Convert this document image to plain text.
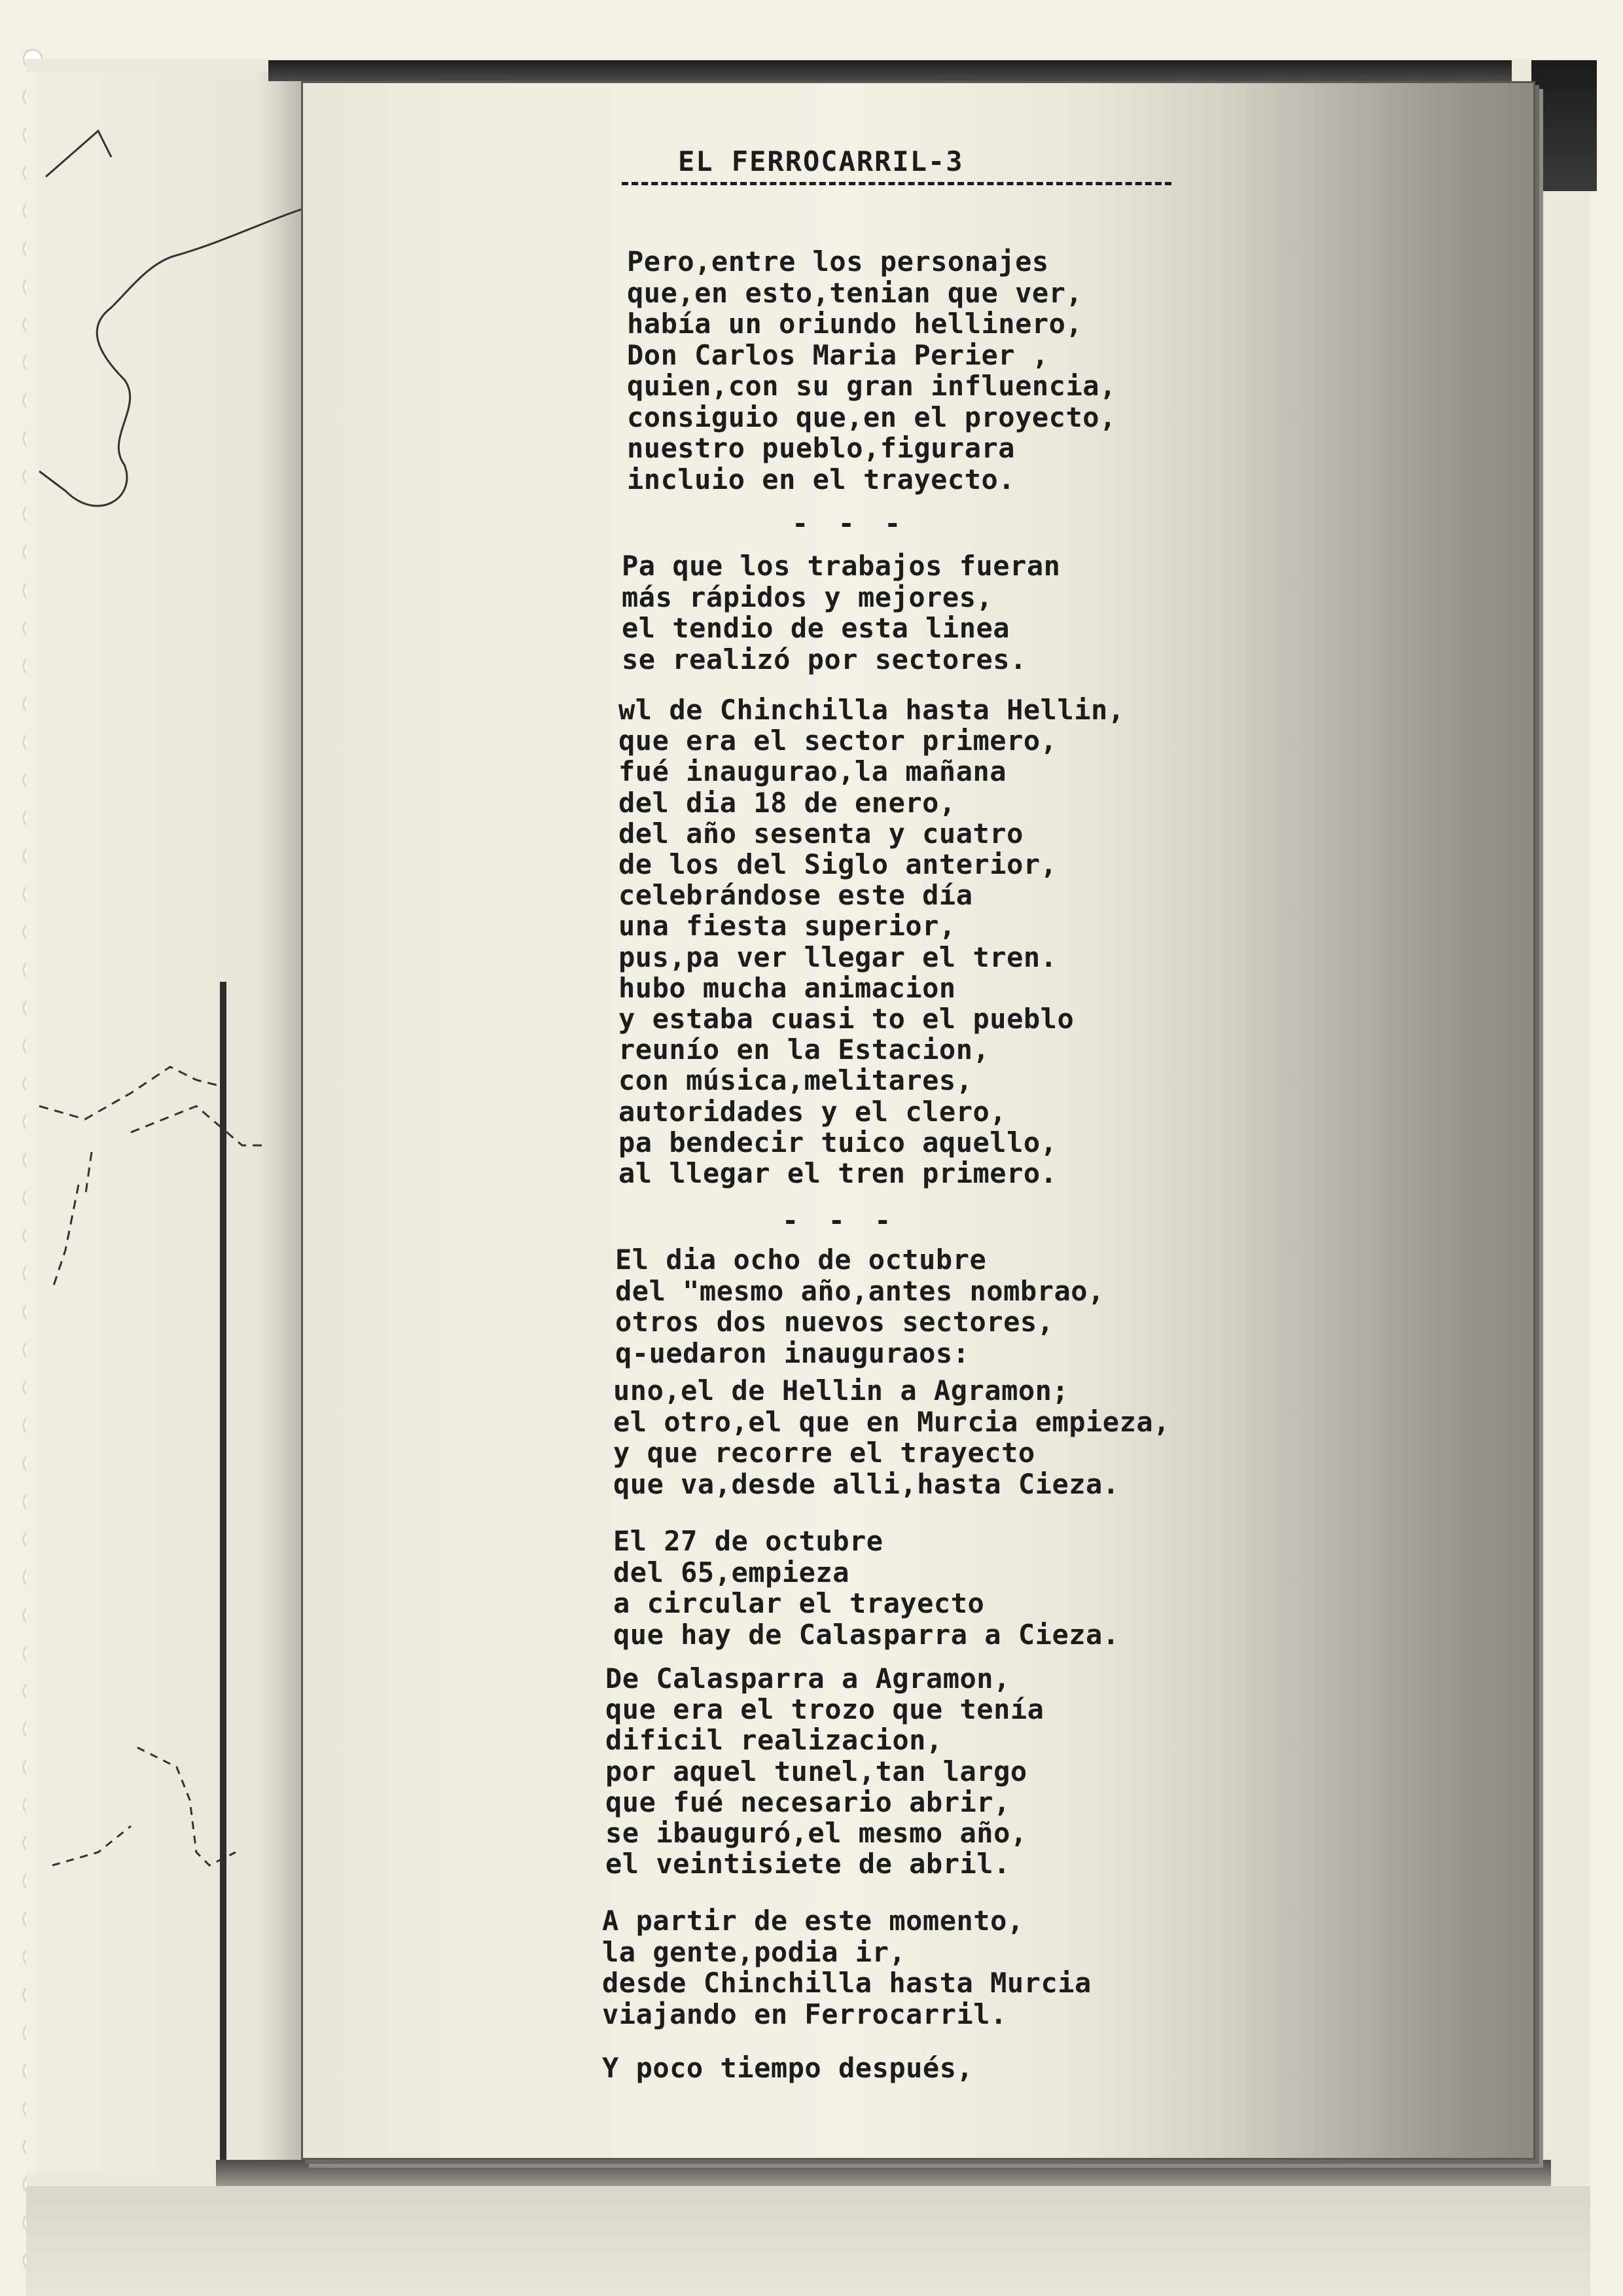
EL FERROCARRIL-3
Pero,entre los personajes
que,en esto,tenian que ver,
había un oriundo hellinero,
Don Carlos Maria Perier ,
quien,con su gran influencia,
consiguio que,en el proyecto,
nuestro pueblo,figurara
incluio en el trayecto.
Pa que los trabajos fueran
más rápidos y mejores,
el tendio de esta linea
se realizó por sectores.
wl de Chinchilla hasta Hellin,
que era el sector primero,
fué inaugurao,la mañana
del dia 18 de enero,
del año sesenta y cuatro
de los del Siglo anterior,
celebrándose este día
una fiesta superior,
pus,pa ver llegar el tren.
hubo mucha animacion
y estaba cuasi to el pueblo
reunío en la Estacion,
con música,melitares,
autoridades y el clero,
pa bendecir tuico aquello,
al llegar el tren primero.
El dia ocho de octubre
del "mesmo año,antes nombrao,
otros dos nuevos sectores,
q-uedaron inauguraos:
uno,el de Hellin a Agramon;
el otro,el que en Murcia empieza,
y que recorre el trayecto
que va,desde alli,hasta Cieza.
El 27 de octubre
del 65,empieza
a circular el trayecto
que hay de Calasparra a Cieza.
De Calasparra a Agramon,
que era el trozo que tenía
dificil realizacion,
por aquel tunel,tan largo
que fué necesario abrir,
se ibauguró,el mesmo año,
el veintisiete de abril.
A partir de este momento,
la gente,podia ir,
desde Chinchilla hasta Murcia
viajando en Ferrocarril.
Y poco tiempo después,
- - -
- - -
